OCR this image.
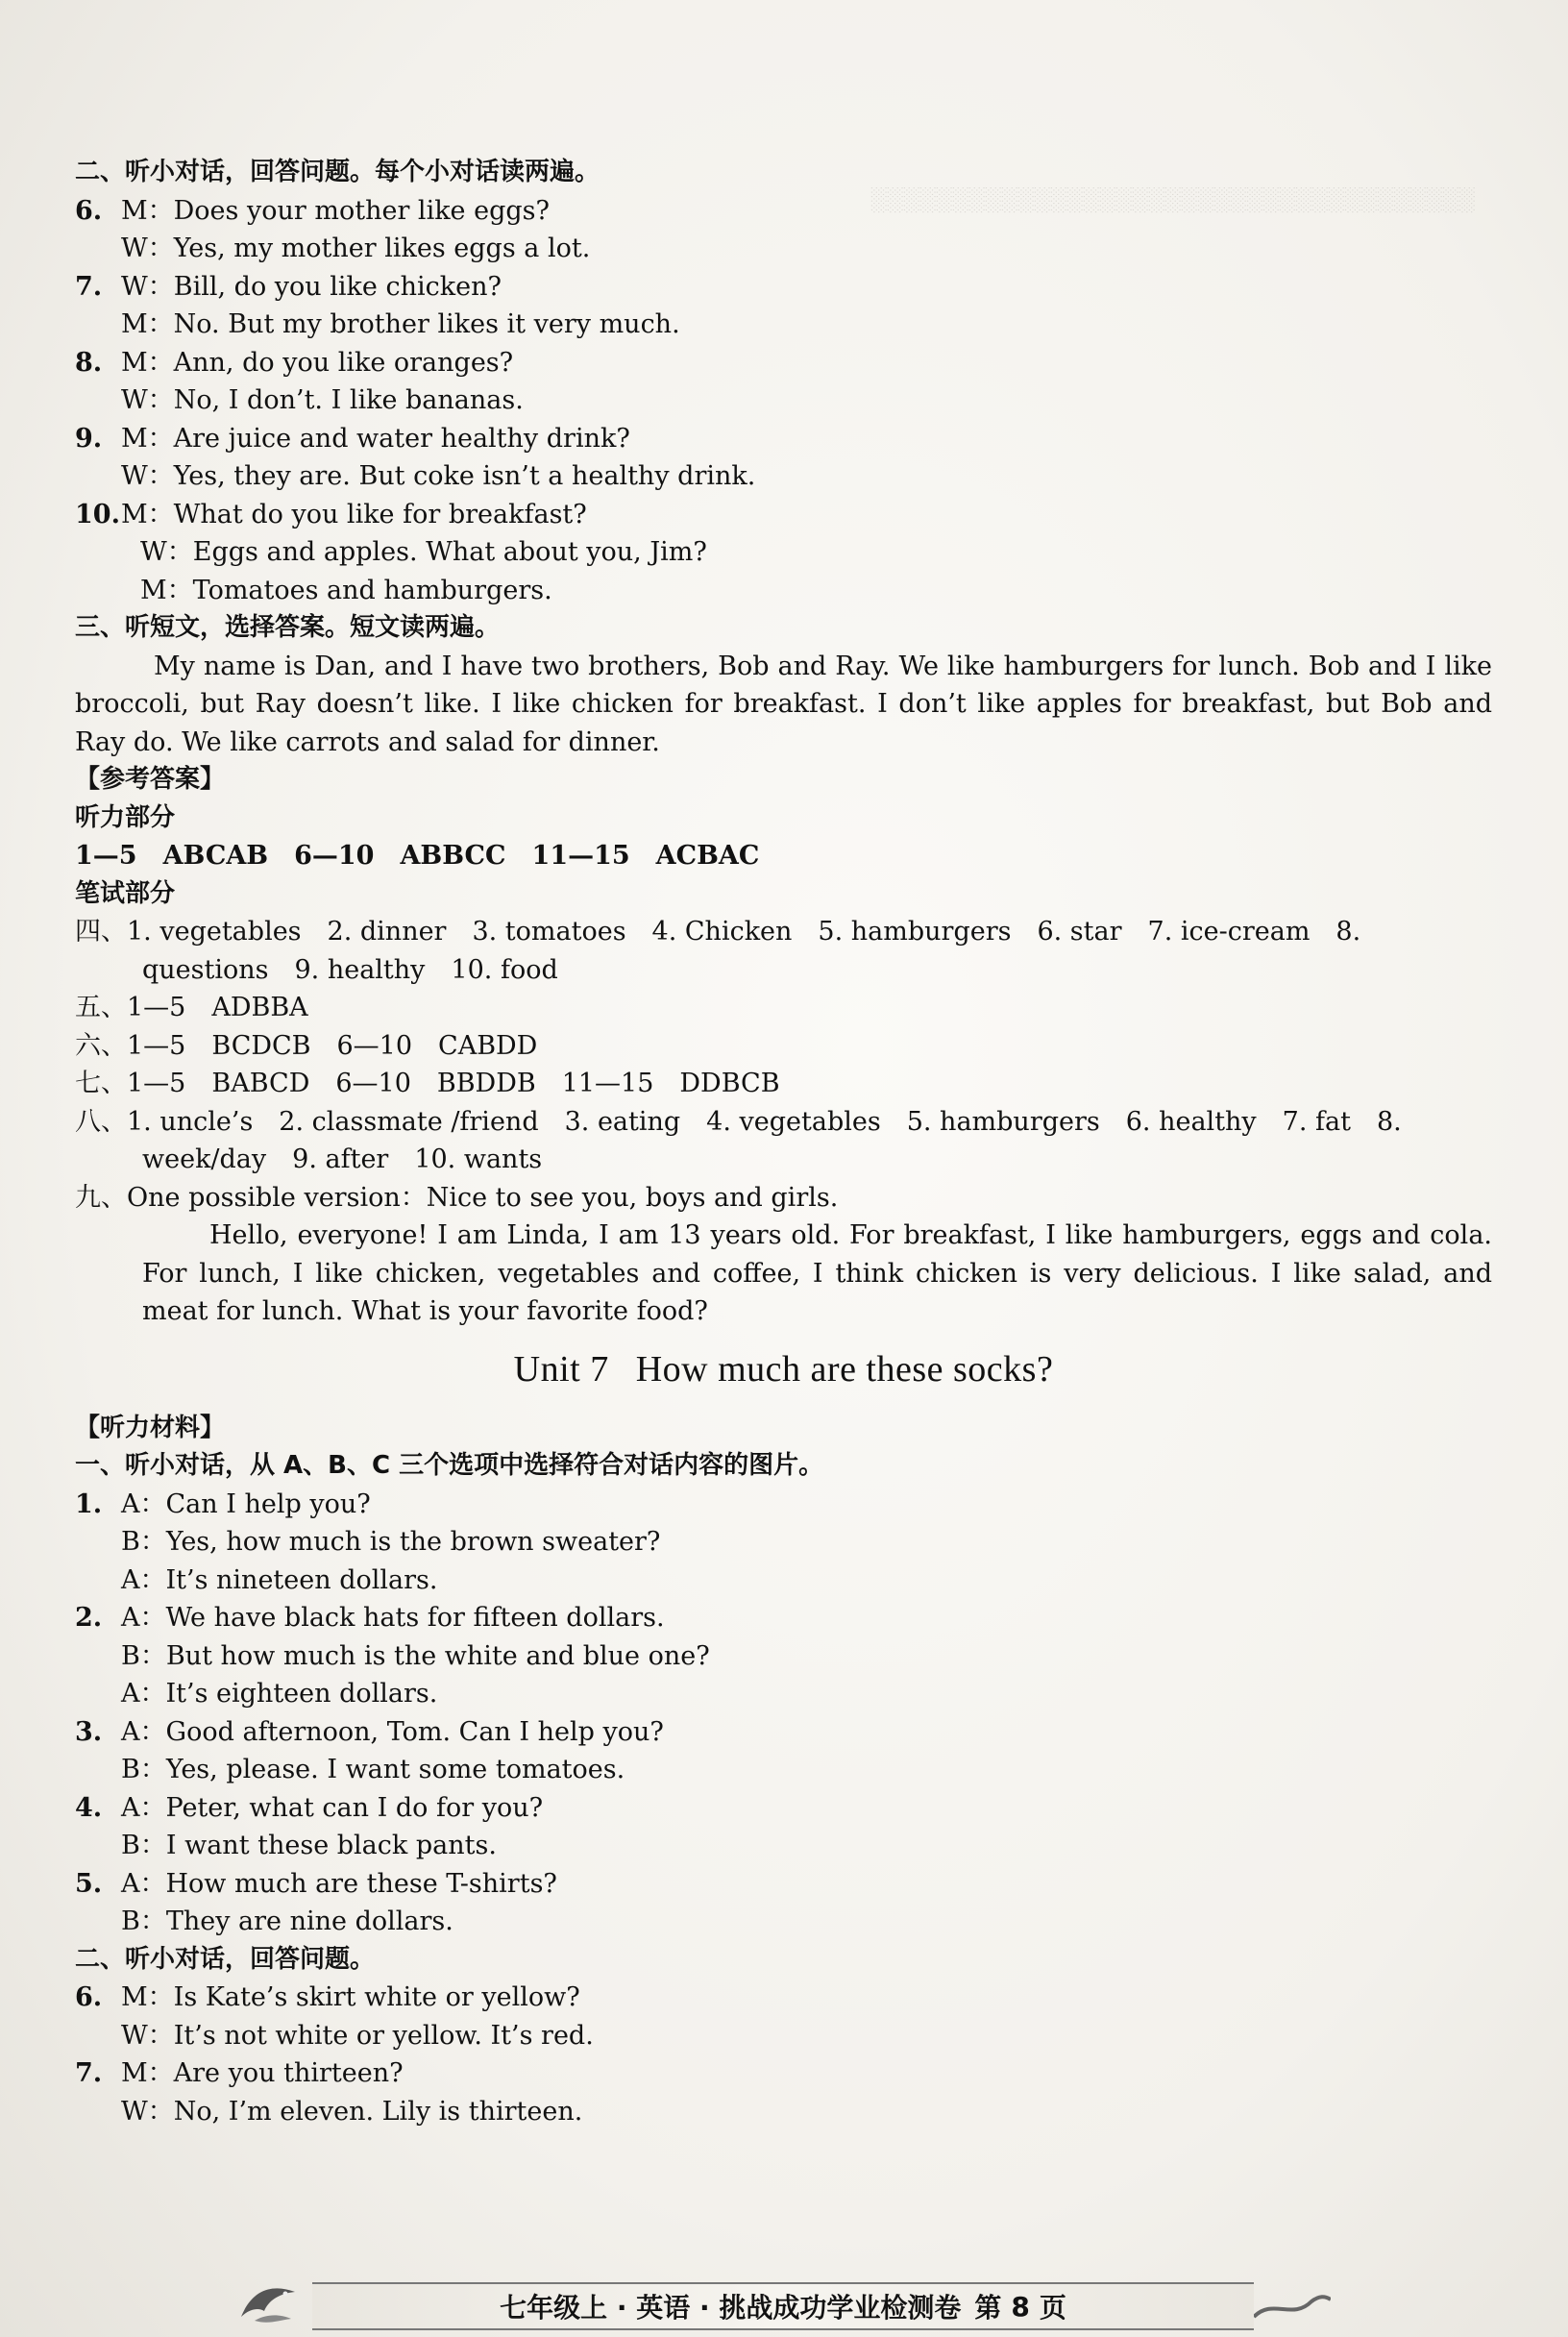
░░░░░░░░░░░░░░░░░░░░░░░░░░░░░░░░░░░░░

二、听小对话，回答问题。每个小对话读两遍。
6. M：Does your mother like eggs?
W：Yes, my mother likes eggs a lot.
7. W：Bill, do you like chicken?
M：No. But my brother likes it very much.
8. M：Ann, do you like oranges?
W：No, I don’t. I like bananas.
9. M：Are juice and water healthy drink?
W：Yes, they are. But coke isn’t a healthy drink.
10.M：What do you like for breakfast?
W：Eggs and apples. What about you, Jim?
M：Tomatoes and hamburgers.
三、听短文，选择答案。短文读两遍。
My name is Dan, and I have two brothers, Bob and Ray. We like hamburgers for lunch. Bob and I like broccoli, but Ray doesn’t like. I like chicken for breakfast. I don’t like apples for breakfast, but Bob and Ray do. We like carrots and salad for dinner.
【参考答案】
听力部分
1—5　ABCAB　6—10　ABBCC　11—15　ACBAC
笔试部分
四、1. vegetables　2. dinner　3. tomatoes　4. Chicken　5. hamburgers　6. star　7. ice-cream　8.
questions　9. healthy　10. food
五、1—5　ADBBA
六、1—5　BCDCB　6—10　CABDD
七、1—5　BABCD　6—10　BBDDB　11—15　DDBCB
八、1. uncle’s　2. classmate /friend　3. eating　4. vegetables　5. hamburgers　6. healthy　7. fat　8.
week/day　9. after　10. wants
九、One possible version：Nice to see you, boys and girls.
Hello, everyone! I am Linda, I am 13 years old. For breakfast, I like hamburgers, eggs and cola. For lunch, I like chicken, vegetables and coffee, I think chicken is very delicious. I like salad, and meat for lunch. What is your favorite food?
Unit 7 How much are these socks?
【听力材料】
一、听小对话，从 A、B、C 三个选项中选择符合对话内容的图片。
1. A：Can I help you?
B：Yes, how much is the brown sweater?
A：It’s nineteen dollars.
2. A：We have black hats for fifteen dollars.
B：But how much is the white and blue one?
A：It’s eighteen dollars.
3. A：Good afternoon, Tom. Can I help you?
B：Yes, please. I want some tomatoes.
4. A：Peter, what can I do for you?
B：I want these black pants.
5. A：How much are these T-shirts?
B：They are nine dollars.
二、听小对话，回答问题。
6. M：Is Kate’s skirt white or yellow?
W：It’s not white or yellow. It’s red.
7. M：Are you thirteen?
W：No, I’m eleven. Lily is thirteen.
七年级上 · 英语 · 挑战成功学业检测卷 第 8 页
